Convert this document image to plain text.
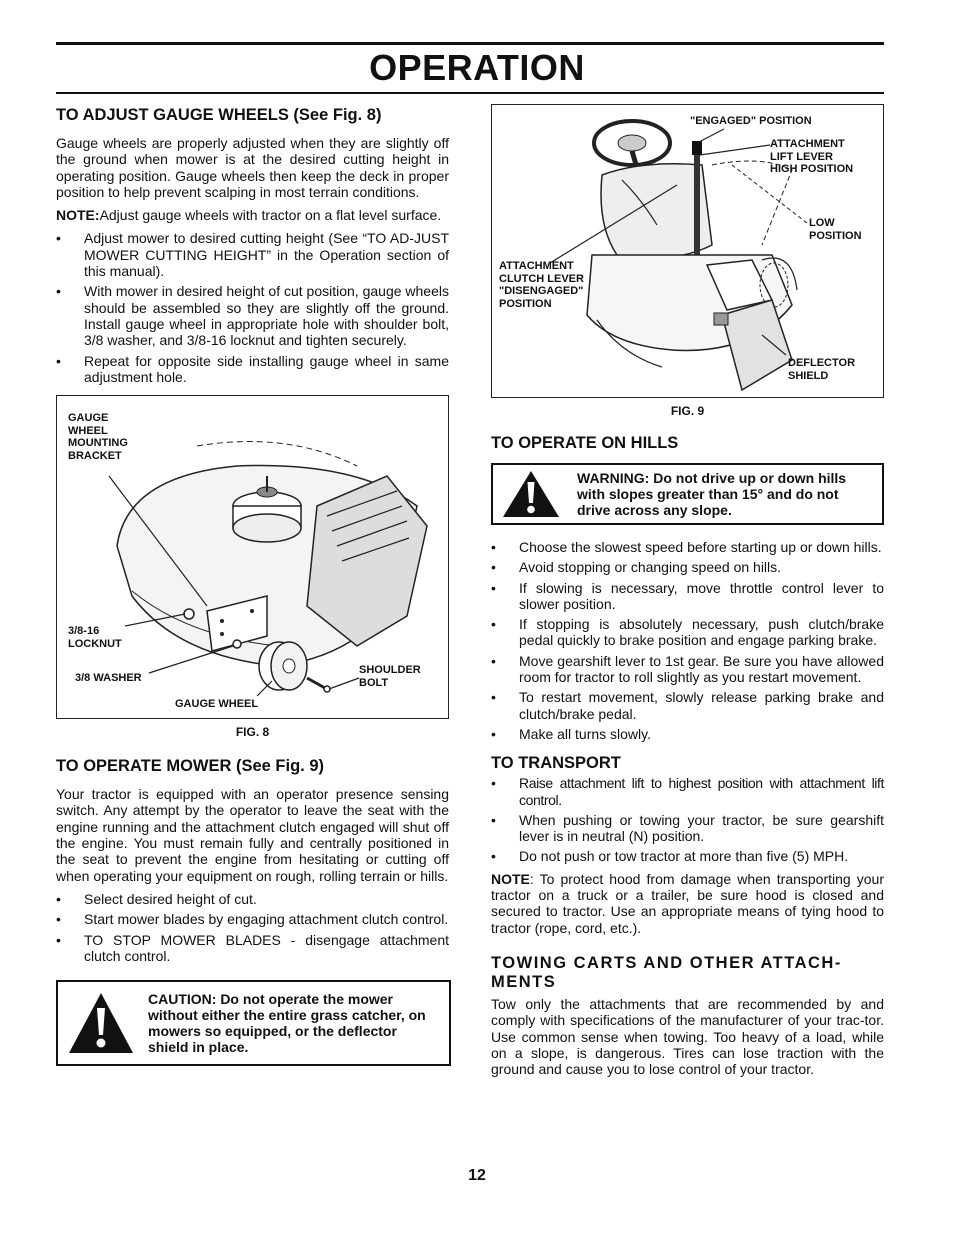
OPERATION
TO ADJUST GAUGE WHEELS (See Fig. 8)

Gauge wheels are properly adjusted when they are slightly off the ground when mower is at the desired cutting height in operating position. Gauge wheels then keep the deck in proper position to help prevent scalping in most terrain conditions.

NOTE:Adjust gauge wheels with tractor on a flat level surface.

• Adjust mower to desired cutting height (See “TO AD-JUST MOWER CUTTING HEIGHT” in the Operation section of this manual).
• With mower in desired height of cut position, gauge wheels should be assembled so they are slightly off the ground. Install gauge wheel in appropriate hole with shoulder bolt, 3/8 washer, and 3/8-16 locknut and tighten securely.
• Repeat for opposite side installing gauge wheel in same adjustment hole.
GAUGE
WHEEL
MOUNTING
BRACKET
3/8-16
LOCKNUT
3/8 WASHER
SHOULDER
BOLT
GAUGE WHEEL
FIG. 8
TO OPERATE MOWER (See Fig. 9)

Your tractor is equipped with an operator presence sensing switch. Any attempt by the operator to leave the seat with the engine running and the attachment clutch engaged will shut off the engine. You must remain fully and centrally positioned in the seat to prevent the engine from hesitating or cutting off when operating your equipment on rough, rolling terrain or hills.

• Select desired height of cut.
• Start mower blades by engaging attachment clutch control.
• TO STOP MOWER BLADES - disengage attachment clutch control.
CAUTION: Do not operate the mower without either the entire grass catcher, on mowers so equipped, or the deflector shield in place.
"ENGAGED" POSITION
ATTACHMENT
LIFT LEVER
HIGH POSITION
LOW
POSITION
ATTACHMENT
CLUTCH LEVER
"DISENGAGED"
POSITION
DEFLECTOR
SHIELD
FIG. 9
TO OPERATE ON HILLS
WARNING: Do not drive up or down hills with slopes greater than 15° and do not drive across any slope.
• Choose the slowest speed before starting up or down hills.
• Avoid stopping or changing speed on hills.
• If slowing is necessary, move throttle control lever to slower position.
• If stopping is absolutely necessary, push clutch/brake pedal quickly to brake position and engage parking brake.
• Move gearshift lever to 1st gear. Be sure you have allowed room for tractor to roll slightly as you restart movement.
• To restart movement, slowly release parking brake and clutch/brake pedal.
• Make all turns slowly.
TO TRANSPORT
• Raise attachment lift to highest position with attachment lift control.
• When pushing or towing your tractor, be sure gearshift lever is in neutral (N) position.
• Do not push or tow tractor at more than five (5) MPH.

NOTE: To protect hood from damage when transporting your tractor on a truck or a trailer, be sure hood is closed and secured to tractor. Use an appropriate means of tying hood to tractor (rope, cord, etc.).

TOWING CARTS AND OTHER ATTACH-MENTS

Tow only the attachments that are recommended by and comply with specifications of the manufacturer of your trac-tor. Use common sense when towing. Too heavy of a load, while on a slope, is dangerous. Tires can lose traction with the ground and cause you to lose control of your tractor.

12
